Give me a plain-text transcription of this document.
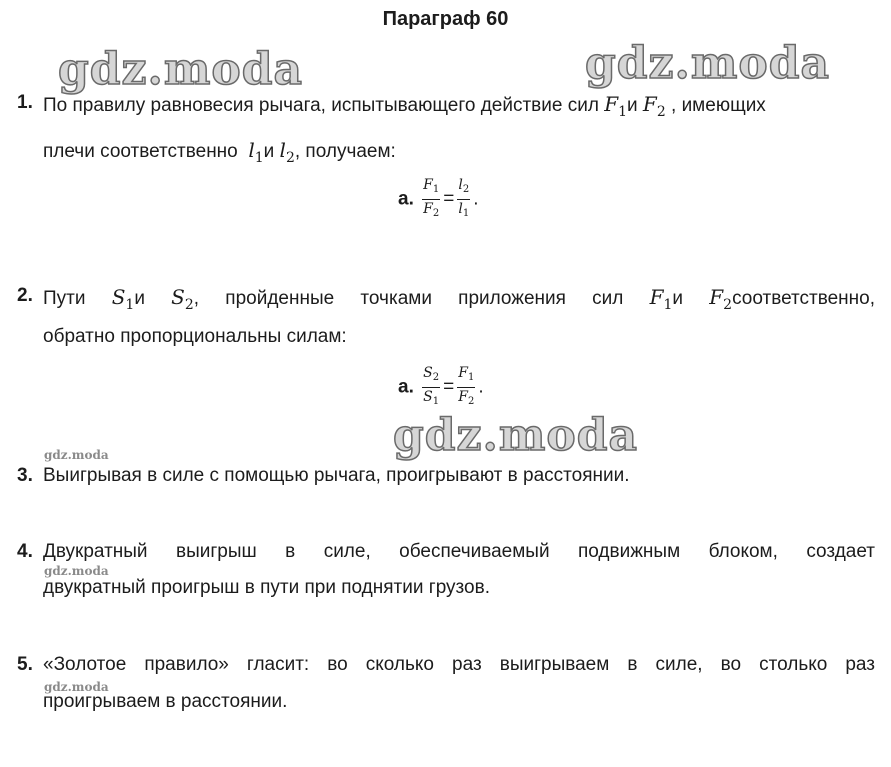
Параграф 60
gdz.moda	gdz.moda
gdz.moda
gdz.moda
gdz.moda
gdz.moda
1. По правилу равновесия рычага, испытывающего действие сил $F_1и$ $F_2$ , имеющих
плечи соответственно $l_1и$ $l_2$, получаем:
а. $\frac{F_1}{F_2} = \frac{l_2}{l_1}$ .
2. Пути $S_1и$ $S_2$, пройденные точками приложения сил $F_1и$ $F_2соответственно$,
обратно пропорциональны силам:
а. $\frac{S_2}{S_1} = \frac{F_1}{F_2}$ .
3. Выигрывая в силе с помощью рычага, проигрывают в расстоянии.
4. Двукратный выигрыш в силе, обеспечиваемый подвижным блоком, создает
двукратный проигрыш в пути при поднятии грузов.
5. «Золотое правило» гласит: во сколько раз выигрываем в силе, во столько раз
проигрываем в расстоянии.
